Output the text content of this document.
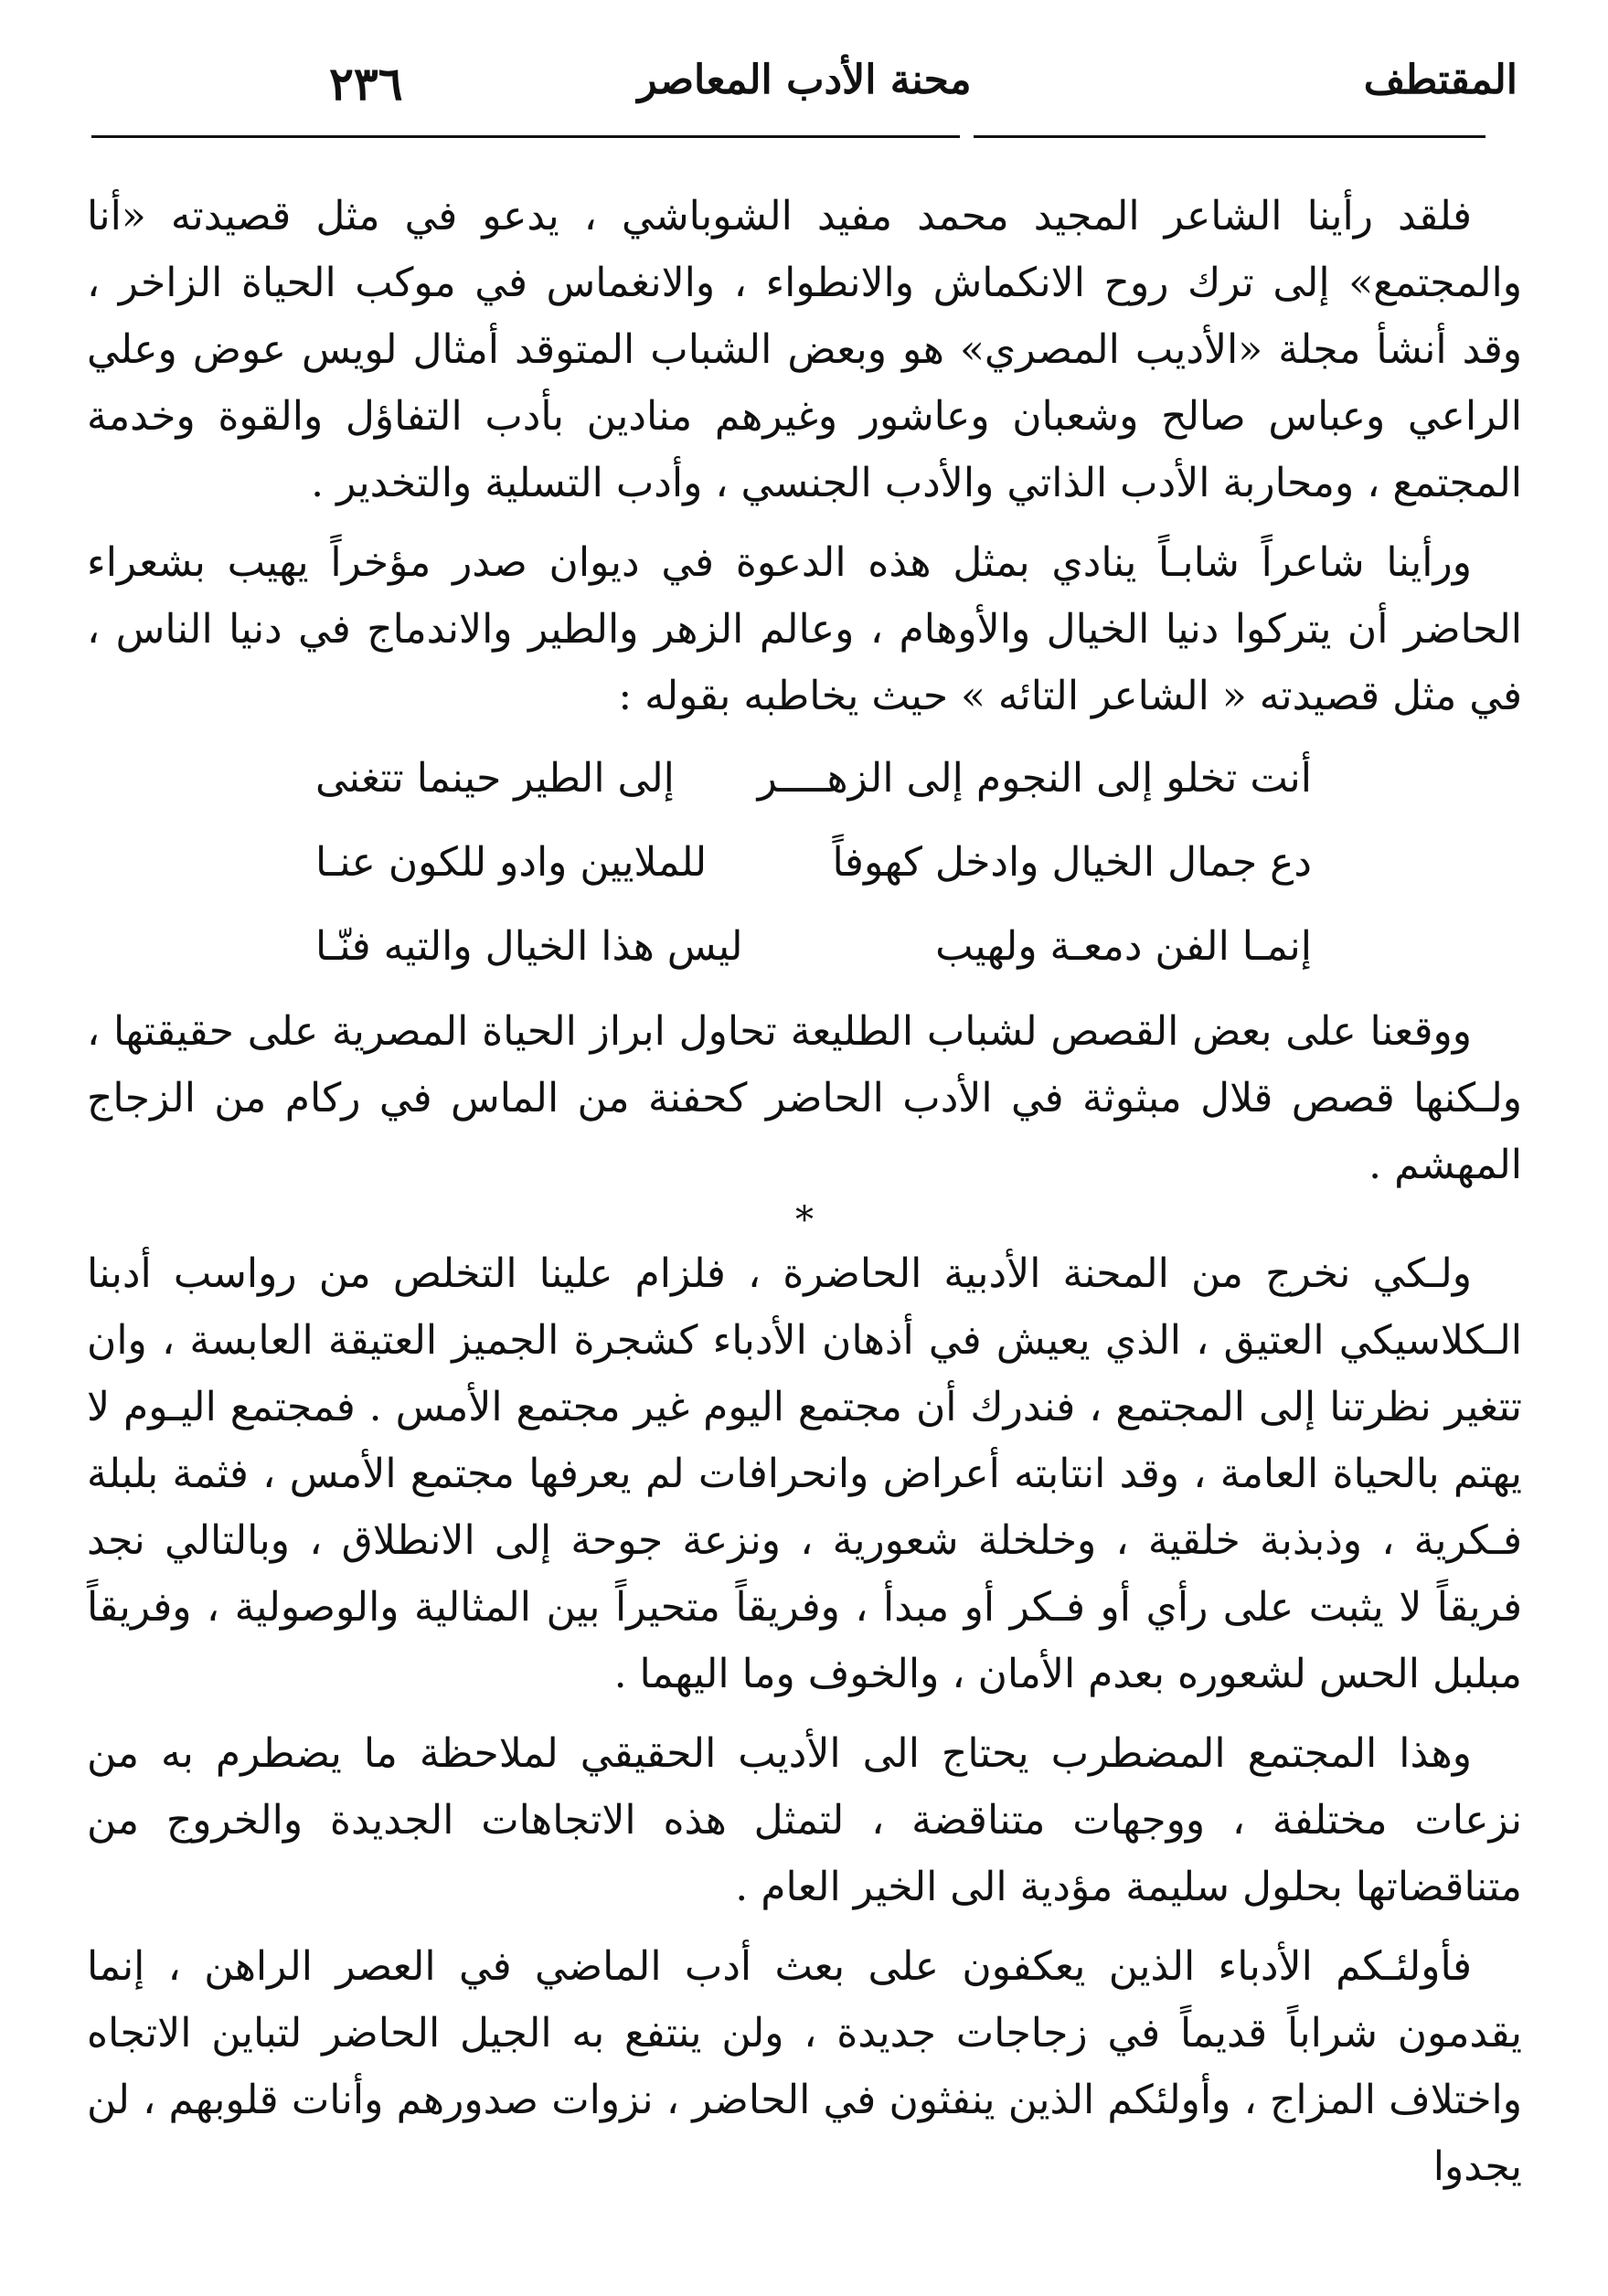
المقتطف
محنة الأدب المعاصر
٢٣٦

فلقد رأينا الشاعر المجيد محمد مفيد الشوباشي ، يدعو في مثل قصيدته «أنا والمجتمع» إلى ترك روح الانكماش والانطواء ، والانغماس في موكب الحياة الزاخر ، وقد أنشأ مجلة «الأديب المصري» هو وبعض الشباب المتوقد أمثال لويس عوض وعلي الراعي وعباس صالح وشعبان وعاشور وغيرهم منادين بأدب التفاؤل والقوة وخدمة المجتمع ، ومحاربة الأدب الذاتي والأدب الجنسي ، وأدب التسلية والتخدير .

ورأينا شاعراً شابـاً ينادي بمثل هذه الدعوة في ديوان صدر مؤخراً يهيب بشعراء الحاضر أن يتركوا دنيا الخيال والأوهام ، وعالم الزهر والطير والاندماج في دنيا الناس ، في مثل قصيدته « الشاعر التائه » حيث يخاطبه بقوله :

أنت تخلو إلى النجوم إلى الزهــــر
إلى الطير حينما تتغنى
دع جمال الخيال وادخل كهوفاً
للملايين وادو للكون عنـا
إنمـا الفن دمعـة ولهيب
ليس هذا الخيال والتيه فنّـا

ووقعنا على بعض القصص لشباب الطليعة تحاول ابراز الحياة المصرية على حقيقتها ، ولـكنها قصص قلال مبثوثة في الأدب الحاضر كحفنة من الماس في ركام من الزجاج المهشم .

*

ولـكي نخرج من المحنة الأدبية الحاضرة ، فلزام علينا التخلص من رواسب أدبنا الـكلاسيكي العتيق ، الذي يعيش في أذهان الأدباء كشجرة الجميز العتيقة العابسة ، وان تتغير نظرتنا إلى المجتمع ، فندرك أن مجتمع اليوم غير مجتمع الأمس . فمجتمع اليـوم لا يهتم بالحياة العامة ، وقد انتابته أعراض وانحرافات لم يعرفها مجتمع الأمس ، فثمة بلبلة فـكرية ، وذبذبة خلقية ، وخلخلة شعورية ، ونزعة جوحة إلى الانطلاق ، وبالتالي نجد فريقاً لا يثبت على رأي أو فـكر أو مبدأ ، وفريقاً متحيراً بين المثالية والوصولية ، وفريقاً مبلبل الحس لشعوره بعدم الأمان ، والخوف وما اليهما .

وهذا المجتمع المضطرب يحتاج الى الأديب الحقيقي لملاحظة ما يضطرم به من نزعات مختلفة ، ووجهات متناقضة ، لتمثل هذه الاتجاهات الجديدة والخروج من متناقضاتها بحلول سليمة مؤدية الى الخير العام .

فأولئـكم الأدباء الذين يعكفون على بعث أدب الماضي في العصر الراهن ، إنما يقدمون شراباً قديماً في زجاجات جديدة ، ولن ينتفع به الجيل الحاضر لتباين الاتجاه واختلاف المزاج ، وأولئكم الذين ينفثون في الحاضر ، نزوات صدورهم وأنات قلوبهم ، لن يجدوا
